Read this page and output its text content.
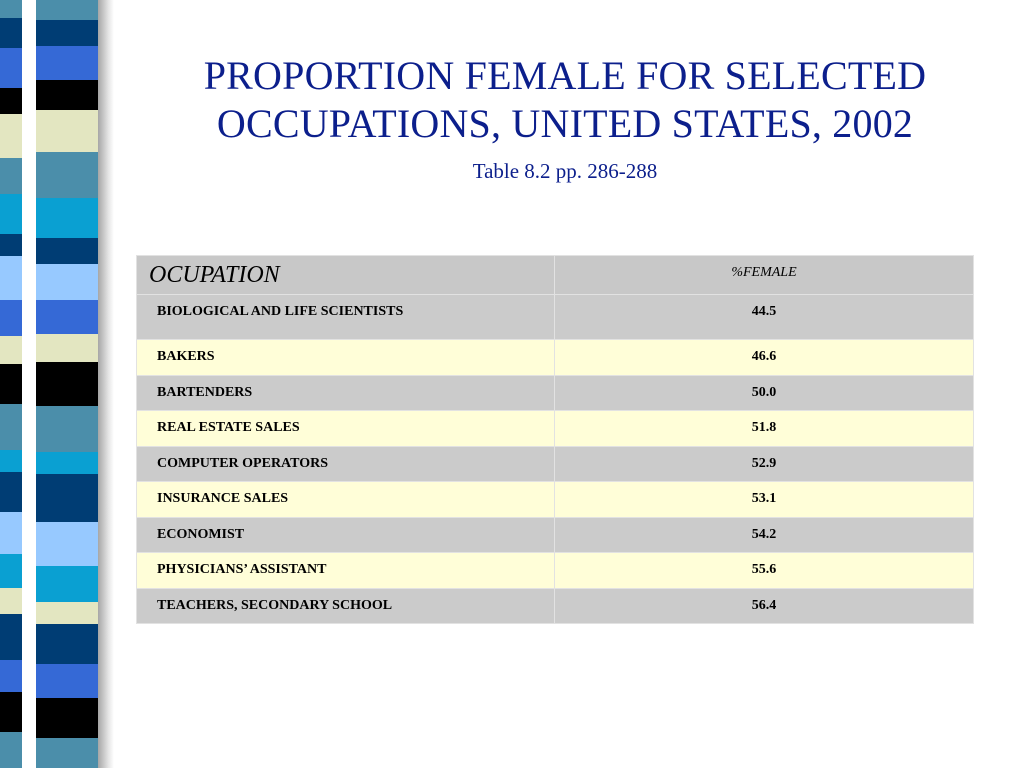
PROPORTION FEMALE FOR SELECTED OCCUPATIONS, UNITED STATES, 2002
Table 8.2 pp. 286-288
OCUPATION	%FEMALE
BIOLOGICAL AND LIFE SCIENTISTS	44.5
BAKERS	46.6
BARTENDERS	50.0
REAL ESTATE SALES	51.8
COMPUTER OPERATORS	52.9
INSURANCE SALES	53.1
ECONOMIST	54.2
PHYSICIANS’ ASSISTANT	55.6
TEACHERS, SECONDARY SCHOOL	56.4
